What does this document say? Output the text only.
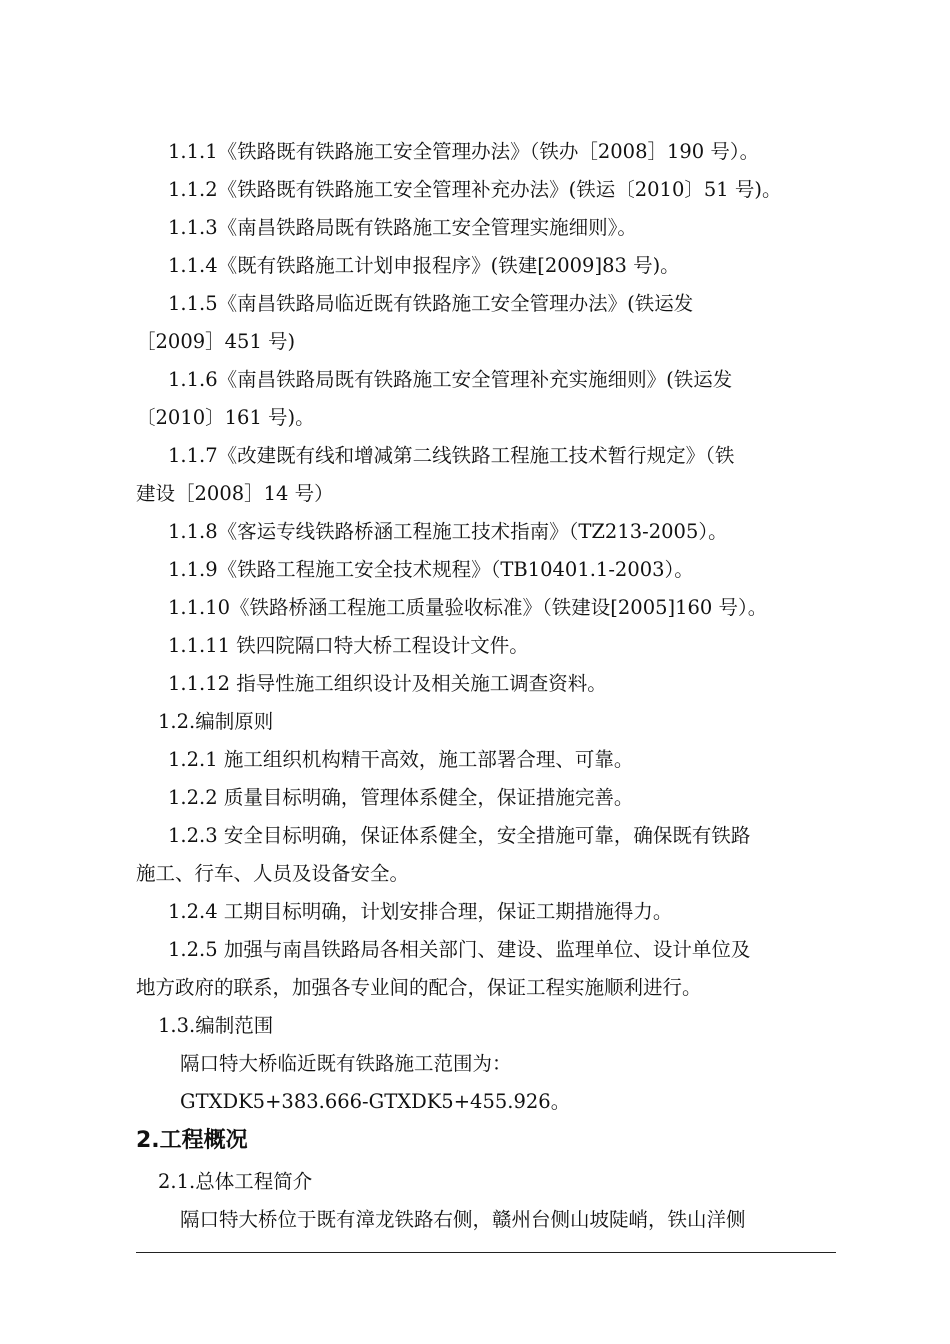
1.1.1《铁路既有铁路施工安全管理办法》（铁办［2008］190 号）。
1.1.2《铁路既有铁路施工安全管理补充办法》(铁运〔2010〕51 号)。
1.1.3《南昌铁路局既有铁路施工安全管理实施细则》。
1.1.4《既有铁路施工计划申报程序》(铁建[2009]83 号)。
1.1.5《南昌铁路局临近既有铁路施工安全管理办法》(铁运发
［2009］451 号)
1.1.6《南昌铁路局既有铁路施工安全管理补充实施细则》(铁运发
〔2010〕161 号)。
1.1.7《改建既有线和增减第二线铁路工程施工技术暂行规定》（铁
建设［2008］14 号）
1.1.8《客运专线铁路桥涵工程施工技术指南》（TZ213-2005）。
1.1.9《铁路工程施工安全技术规程》（TB10401.1-2003）。
1.1.10《铁路桥涵工程施工质量验收标准》（铁建设[2005]160 号）。
1.1.11 铁四院隔口特大桥工程设计文件。
1.1.12 指导性施工组织设计及相关施工调查资料。
1.2.编制原则
1.2.1 施工组织机构精干高效，施工部署合理、可靠。
1.2.2 质量目标明确，管理体系健全，保证措施完善。
1.2.3 安全目标明确，保证体系健全，安全措施可靠，确保既有铁路
施工、行车、人员及设备安全。
1.2.4 工期目标明确，计划安排合理，保证工期措施得力。
1.2.5 加强与南昌铁路局各相关部门、建设、监理单位、设计单位及
地方政府的联系，加强各专业间的配合，保证工程实施顺利进行。
1.3.编制范围
隔口特大桥临近既有铁路施工范围为：
GTXDK5+383.666-GTXDK5+455.926。
2.工程概况
2.1.总体工程简介
隔口特大桥位于既有漳龙铁路右侧，赣州台侧山坡陡峭，铁山洋侧
